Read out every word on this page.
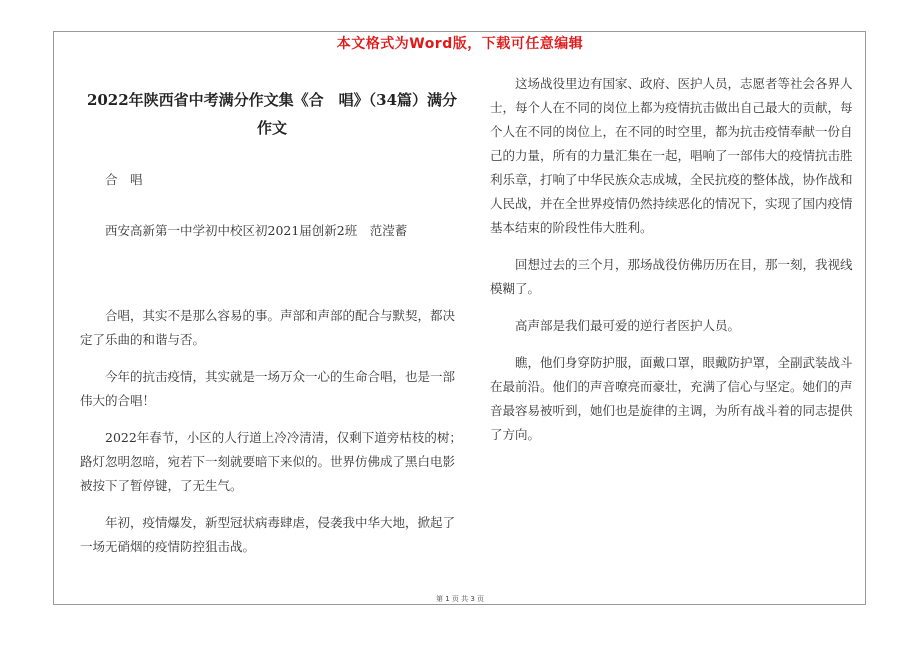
本文格式为Word版，下载可任意编辑
2022年陕西省中考满分作文集《合　唱》（34篇）满分作文

合　唱

西安高新第一中学初中校区初2021届创新2班　范滢蓄

合唱，其实不是那么容易的事。声部和声部的配合与默契，都决定了乐曲的和谐与否。

今年的抗击疫情，其实就是一场万众一心的生命合唱，也是一部伟大的合唱！

2022年春节，小区的人行道上冷冷清清，仅剩下道旁枯枝的树；路灯忽明忽暗，宛若下一刻就要暗下来似的。世界仿佛成了黑白电影被按下了暂停键，了无生气。

年初，疫情爆发，新型冠状病毒肆虐，侵袭我中华大地，掀起了一场无硝烟的疫情防控狙击战。

这场战役里边有国家、政府、医护人员，志愿者等社会各界人士，每个人在不同的岗位上都为疫情抗击做出自己最大的贡献，每个人在不同的岗位上，在不同的时空里，都为抗击疫情奉献一份自己的力量，所有的力量汇集在一起，唱响了一部伟大的疫情抗击胜利乐章，打响了中华民族众志成城，全民抗疫的整体战，协作战和人民战，并在全世界疫情仍然持续恶化的情况下，实现了国内疫情基本结束的阶段性伟大胜利。

回想过去的三个月，那场战役仿佛历历在目，那一刻，我视线模糊了。

高声部是我们最可爱的逆行者医护人员。

瞧，他们身穿防护服，面戴口罩，眼戴防护罩，全副武装战斗在最前沿。他们的声音嘹亮而豪壮，充满了信心与坚定。她们的声音最容易被听到，她们也是旋律的主调，为所有战斗着的同志提供了方向。

第 1 页 共 3 页
